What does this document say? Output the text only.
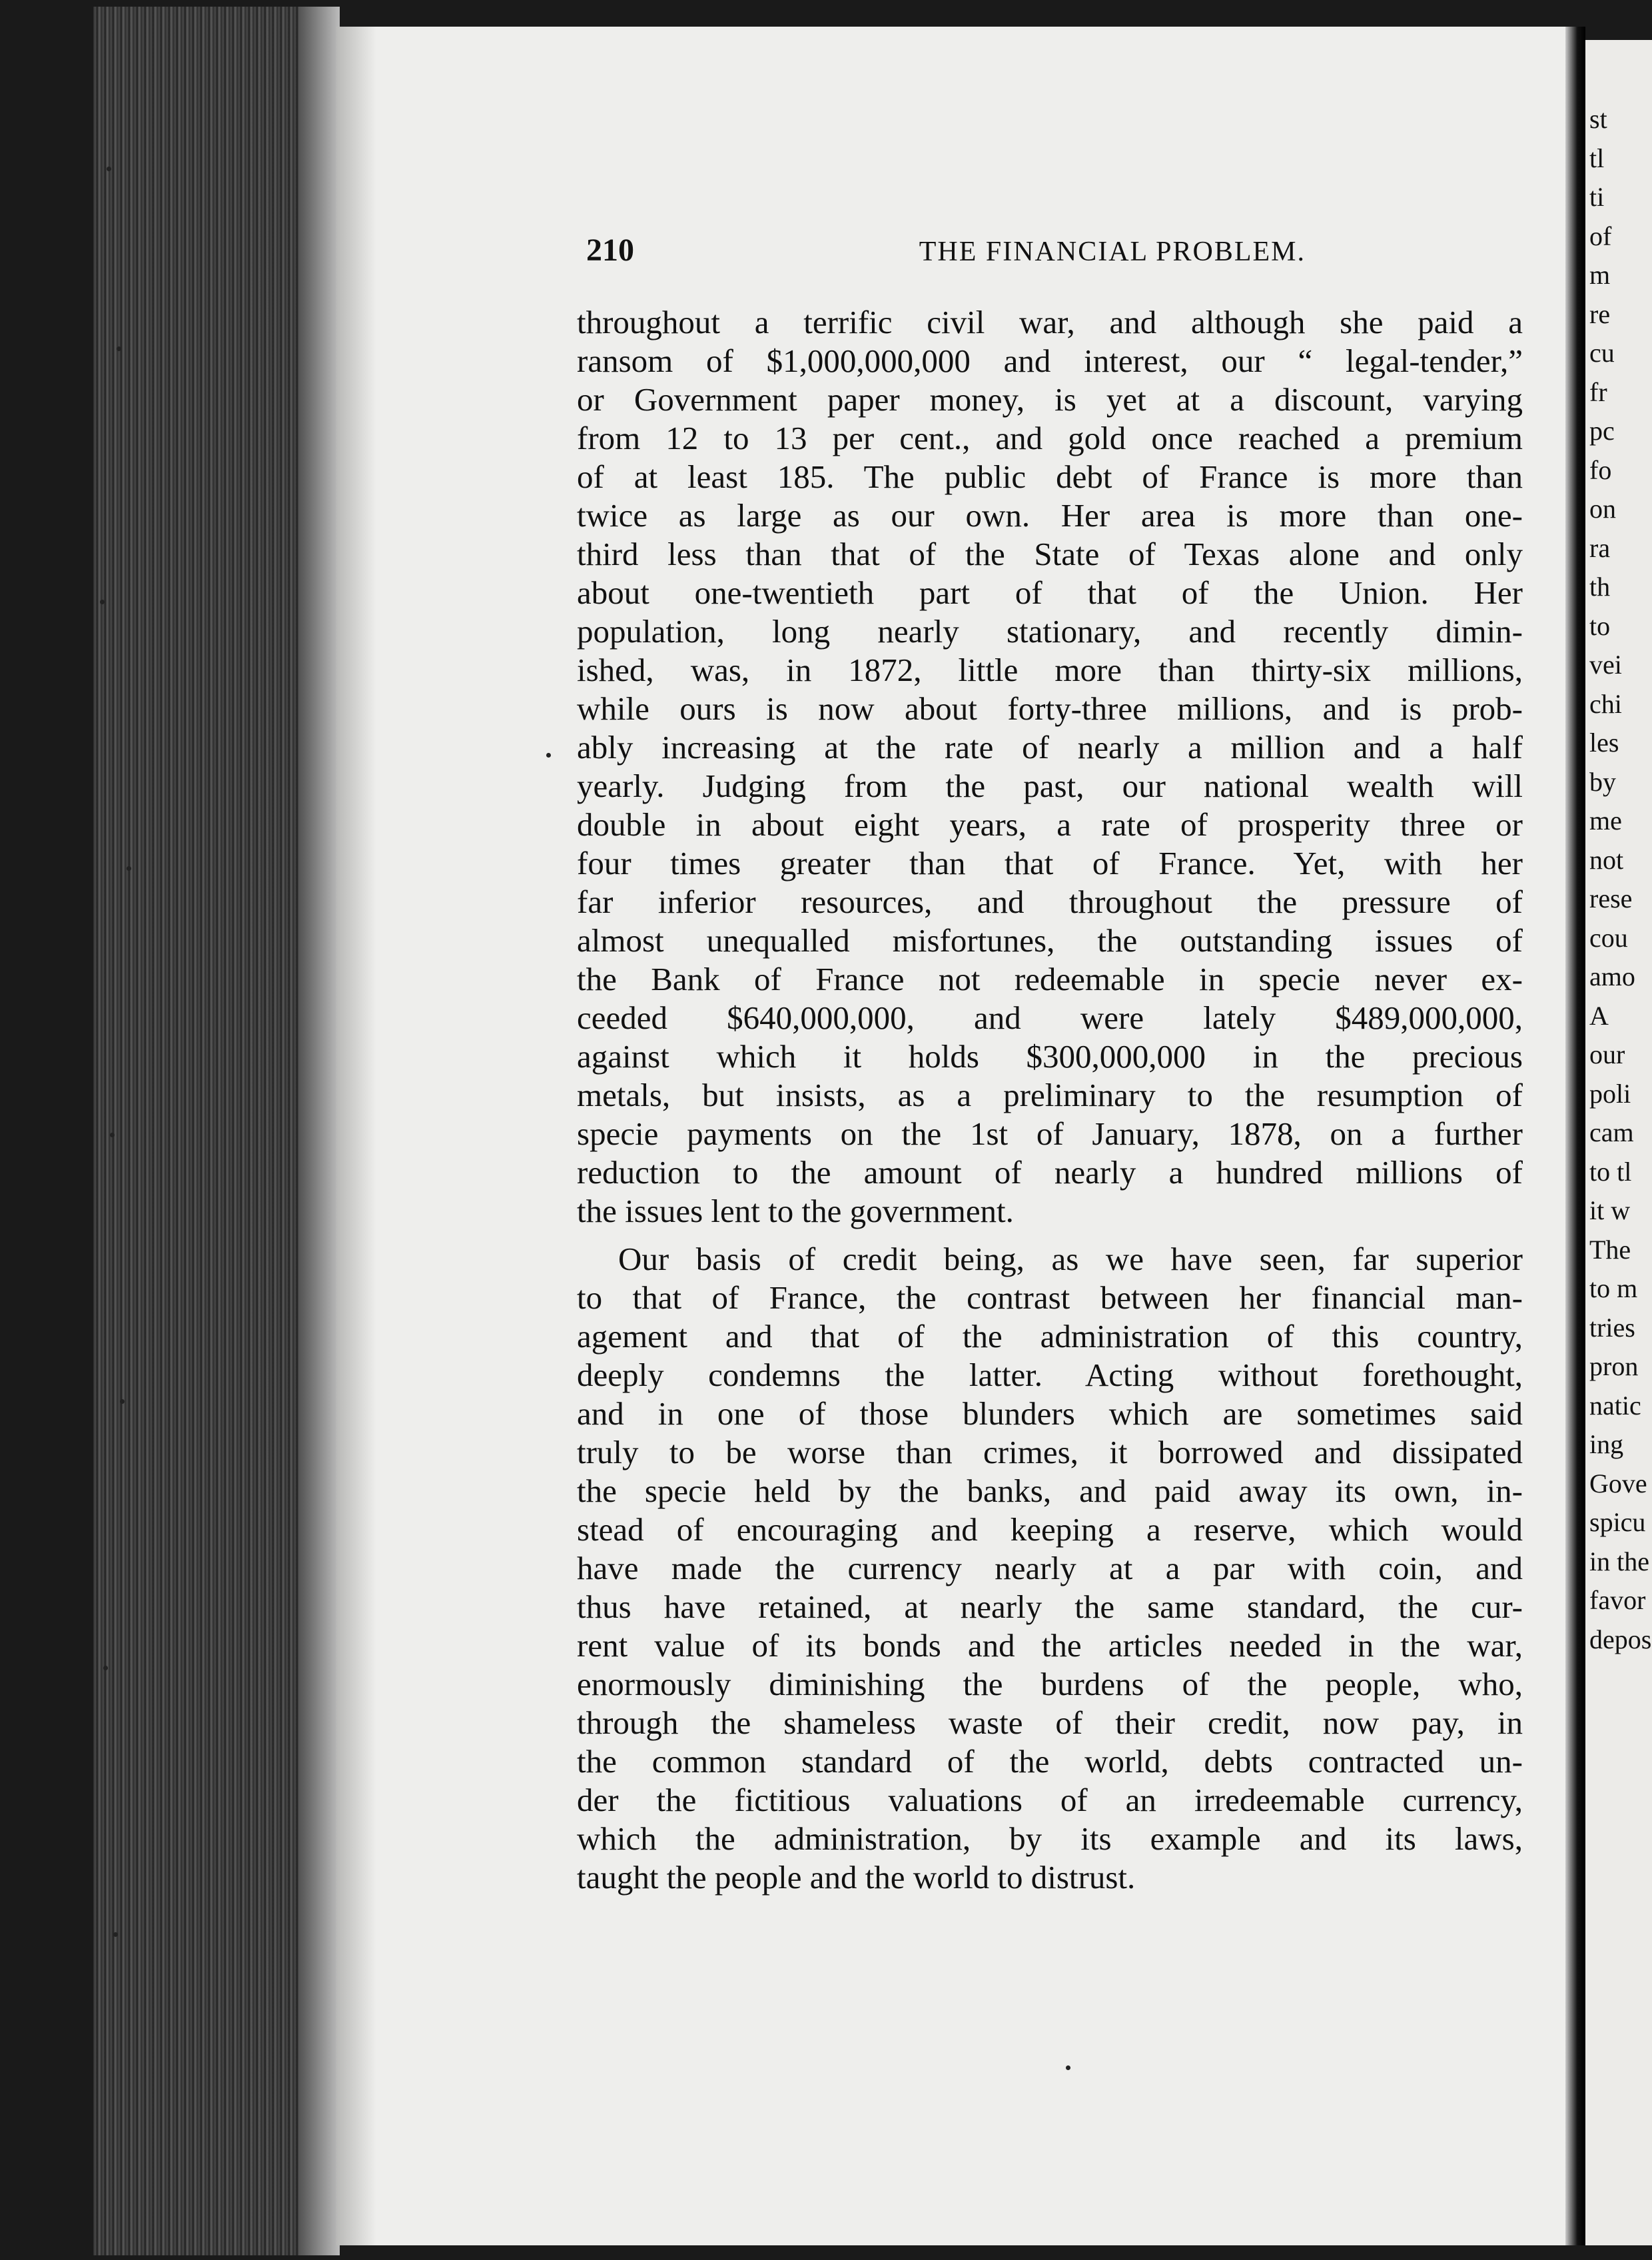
st
tl
ti
of
m
re
cu
fr
pc
fo
on
ra
th
to
vei
chi
les
by
me
not
rese
cou
amo
A
our
poli
cam
to tl
it w
The
to m
tries
pron
natic
ing
Gove
spicu
in the
favor
depos
210	THE FINANCIAL PROBLEM.
throughout a terrific civil war, and although she paid a
ransom of $1,000,000,000 and interest, our “ legal-tender,”
or Government paper money, is yet at a discount, varying
from 12 to 13 per cent., and gold once reached a premium
of at least 185. The public debt of France is more than
twice as large as our own. Her area is more than one-
third less than that of the State of Texas alone and only
about one-twentieth part of that of the Union. Her
population, long nearly stationary, and recently dimin-
ished, was, in 1872, little more than thirty-six millions,
while ours is now about forty-three millions, and is prob-
ably increasing at the rate of nearly a million and a half
yearly. Judging from the past, our national wealth will
double in about eight years, a rate of prosperity three or
four times greater than that of France. Yet, with her
far inferior resources, and throughout the pressure of
almost unequalled misfortunes, the outstanding issues of
the Bank of France not redeemable in specie never ex-
ceeded $640,000,000, and were lately $489,000,000,
against which it holds $300,000,000 in the precious
metals, but insists, as a preliminary to the resumption of
specie payments on the 1st of January, 1878, on a further
reduction to the amount of nearly a hundred millions of
the issues lent to the government.
Our basis of credit being, as we have seen, far superior
to that of France, the contrast between her financial man-
agement and that of the administration of this country,
deeply condemns the latter. Acting without forethought,
and in one of those blunders which are sometimes said
truly to be worse than crimes, it borrowed and dissipated
the specie held by the banks, and paid away its own, in-
stead of encouraging and keeping a reserve, which would
have made the currency nearly at a par with coin, and
thus have retained, at nearly the same standard, the cur-
rent value of its bonds and the articles needed in the war,
enormously diminishing the burdens of the people, who,
through the shameless waste of their credit, now pay, in
the common standard of the world, debts contracted un-
der the fictitious valuations of an irredeemable currency,
which the administration, by its example and its laws,
taught the people and the world to distrust.
